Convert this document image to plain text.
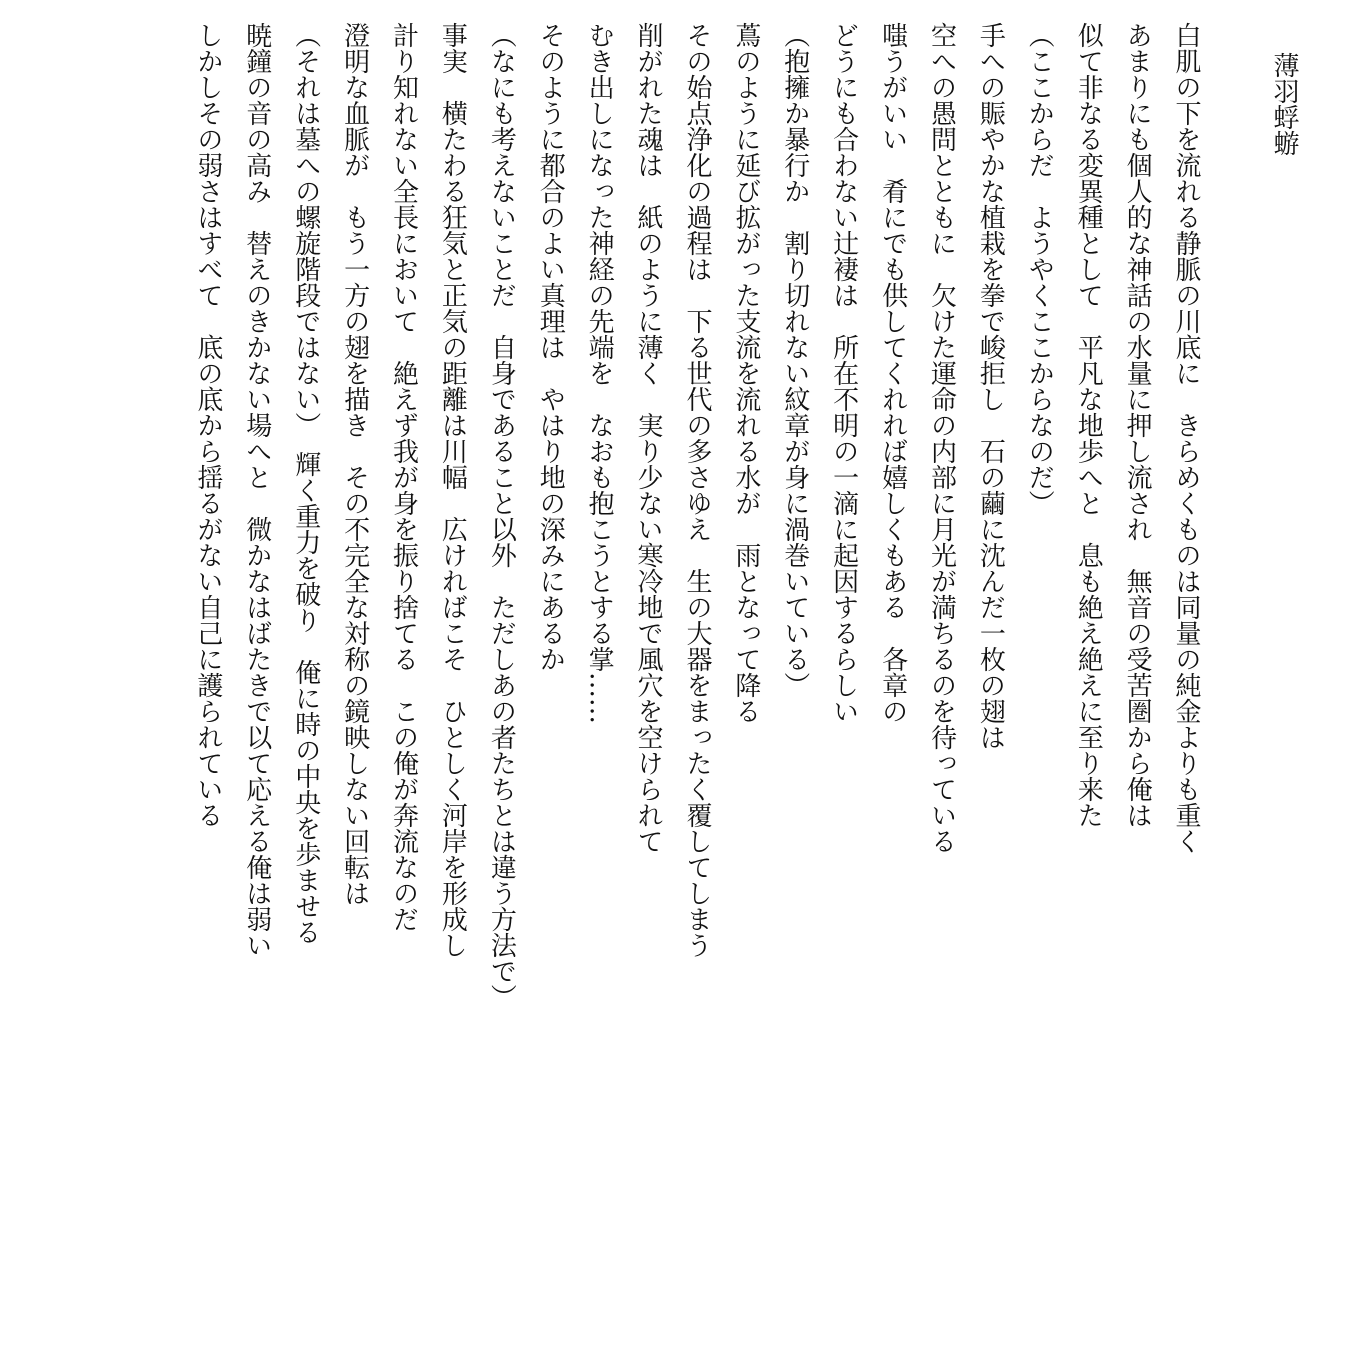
薄羽蜉蝣
白肌の下を流れる静脈の川底に　きらめくものは同量の純金よりも重く
あまりにも個人的な神話の水量に押し流され　無音の受苦圏から俺は
似て非なる変異種として　平凡な地歩へと　息も絶え絶えに至り来た
（ここからだ　ようやくここからなのだ）
手への賑やかな植栽を拳で峻拒し　石の繭に沈んだ一枚の翅は
空への愚問とともに　欠けた運命の内部に月光が満ちるのを待っている
嗤うがいい　肴にでも供してくれれば嬉しくもある　各章の
どうにも合わない辻褄は　所在不明の一滴に起因するらしい
（抱擁か暴行か　割り切れない紋章が身に渦巻いている）
蔦のように延び拡がった支流を流れる水が　雨となって降る
その始点浄化の過程は　下る世代の多さゆえ　生の大器をまったく覆してしまう
削がれた魂は　紙のように薄く　実り少ない寒冷地で風穴を空けられて
むき出しになった神経の先端を　なおも抱こうとする掌……
そのように都合のよい真理は　やはり地の深みにあるか
（なにも考えないことだ　自身であること以外　ただしあの者たちとは違う方法で）
事実　横たわる狂気と正気の距離は川幅　広ければこそ　ひとしく河岸を形成し
計り知れない全長において　絶えず我が身を振り捨てる　この俺が奔流なのだ
澄明な血脈が　もう一方の翅を描き　その不完全な対称の鏡映しない回転は
（それは墓への螺旋階段ではない）　輝く重力を破り　俺に時の中央を歩ませる
暁鐘の音の高み　替えのきかない場へと　微かなはばたきで以て応える俺は弱い
しかしその弱さはすべて　底の底から揺るがない自己に護られている
